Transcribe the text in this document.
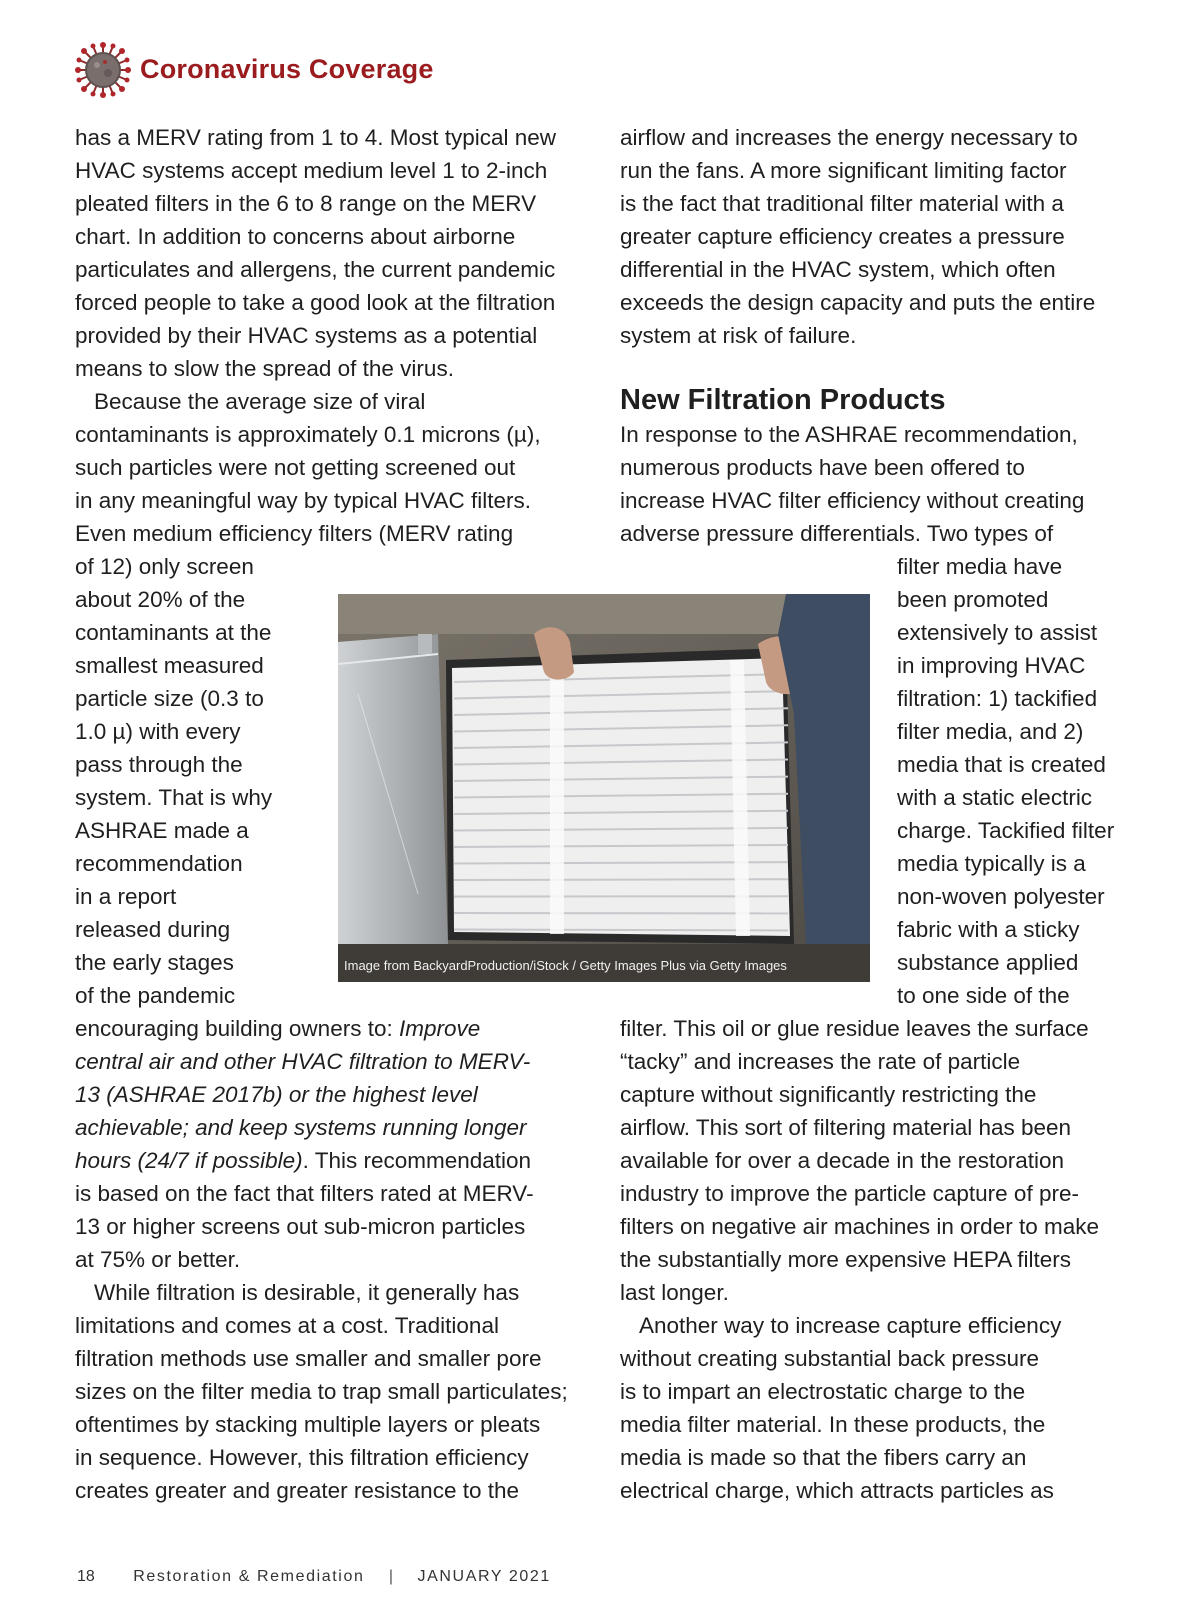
Coronavirus Coverage
has a MERV rating from 1 to 4. Most typical new
HVAC systems accept medium level 1 to 2-inch
pleated filters in the 6 to 8 range on the MERV
chart. In addition to concerns about airborne
particulates and allergens, the current pandemic
forced people to take a good look at the filtration
provided by their HVAC systems as a potential
means to slow the spread of the virus.
Because the average size of viral
contaminants is approximately 0.1 microns (µ),
such particles were not getting screened out
in any meaningful way by typical HVAC filters.
Even medium efficiency filters (MERV rating
of 12) only screen
about 20% of the
contaminants at the
smallest measured
particle size (0.3 to
1.0 µ) with every
pass through the
system. That is why
ASHRAE made a
recommendation
in a report
released during
the early stages
of the pandemic
encouraging building owners to: Improve
central air and other HVAC filtration to MERV-
13 (ASHRAE 2017b) or the highest level
achievable; and keep systems running longer
hours (24/7 if possible). This recommendation
is based on the fact that filters rated at MERV-
13 or higher screens out sub-micron particles
at 75% or better.
While filtration is desirable, it generally has
limitations and comes at a cost. Traditional
filtration methods use smaller and smaller pore
sizes on the filter media to trap small particulates;
oftentimes by stacking multiple layers or pleats
in sequence. However, this filtration efficiency
creates greater and greater resistance to the
airflow and increases the energy necessary to
run the fans. A more significant limiting factor
is the fact that traditional filter material with a
greater capture efficiency creates a pressure
differential in the HVAC system, which often
exceeds the design capacity and puts the entire
system at risk of failure.
New Filtration Products
In response to the ASHRAE recommendation,
numerous products have been offered to
increase HVAC filter efficiency without creating
adverse pressure differentials. Two types of
filter media have
been promoted
extensively to assist
in improving HVAC
filtration: 1) tackified
filter media, and 2)
media that is created
with a static electric
charge. Tackified filter
media typically is a
non-woven polyester
fabric with a sticky
substance applied
to one side of the
filter. This oil or glue residue leaves the surface
“tacky” and increases the rate of particle
capture without significantly restricting the
airflow. This sort of filtering material has been
available for over a decade in the restoration
industry to improve the particle capture of pre-
filters on negative air machines in order to make
the substantially more expensive HEPA filters
last longer.
Another way to increase capture efficiency
without creating substantial back pressure
is to impart an electrostatic charge to the
media filter material. In these products, the
media is made so that the fibers carry an
electrical charge, which attracts particles as
Image from BackyardProduction/iStock / Getty Images Plus via Getty Images
18 Restoration & Remediation | JANUARY 2021
